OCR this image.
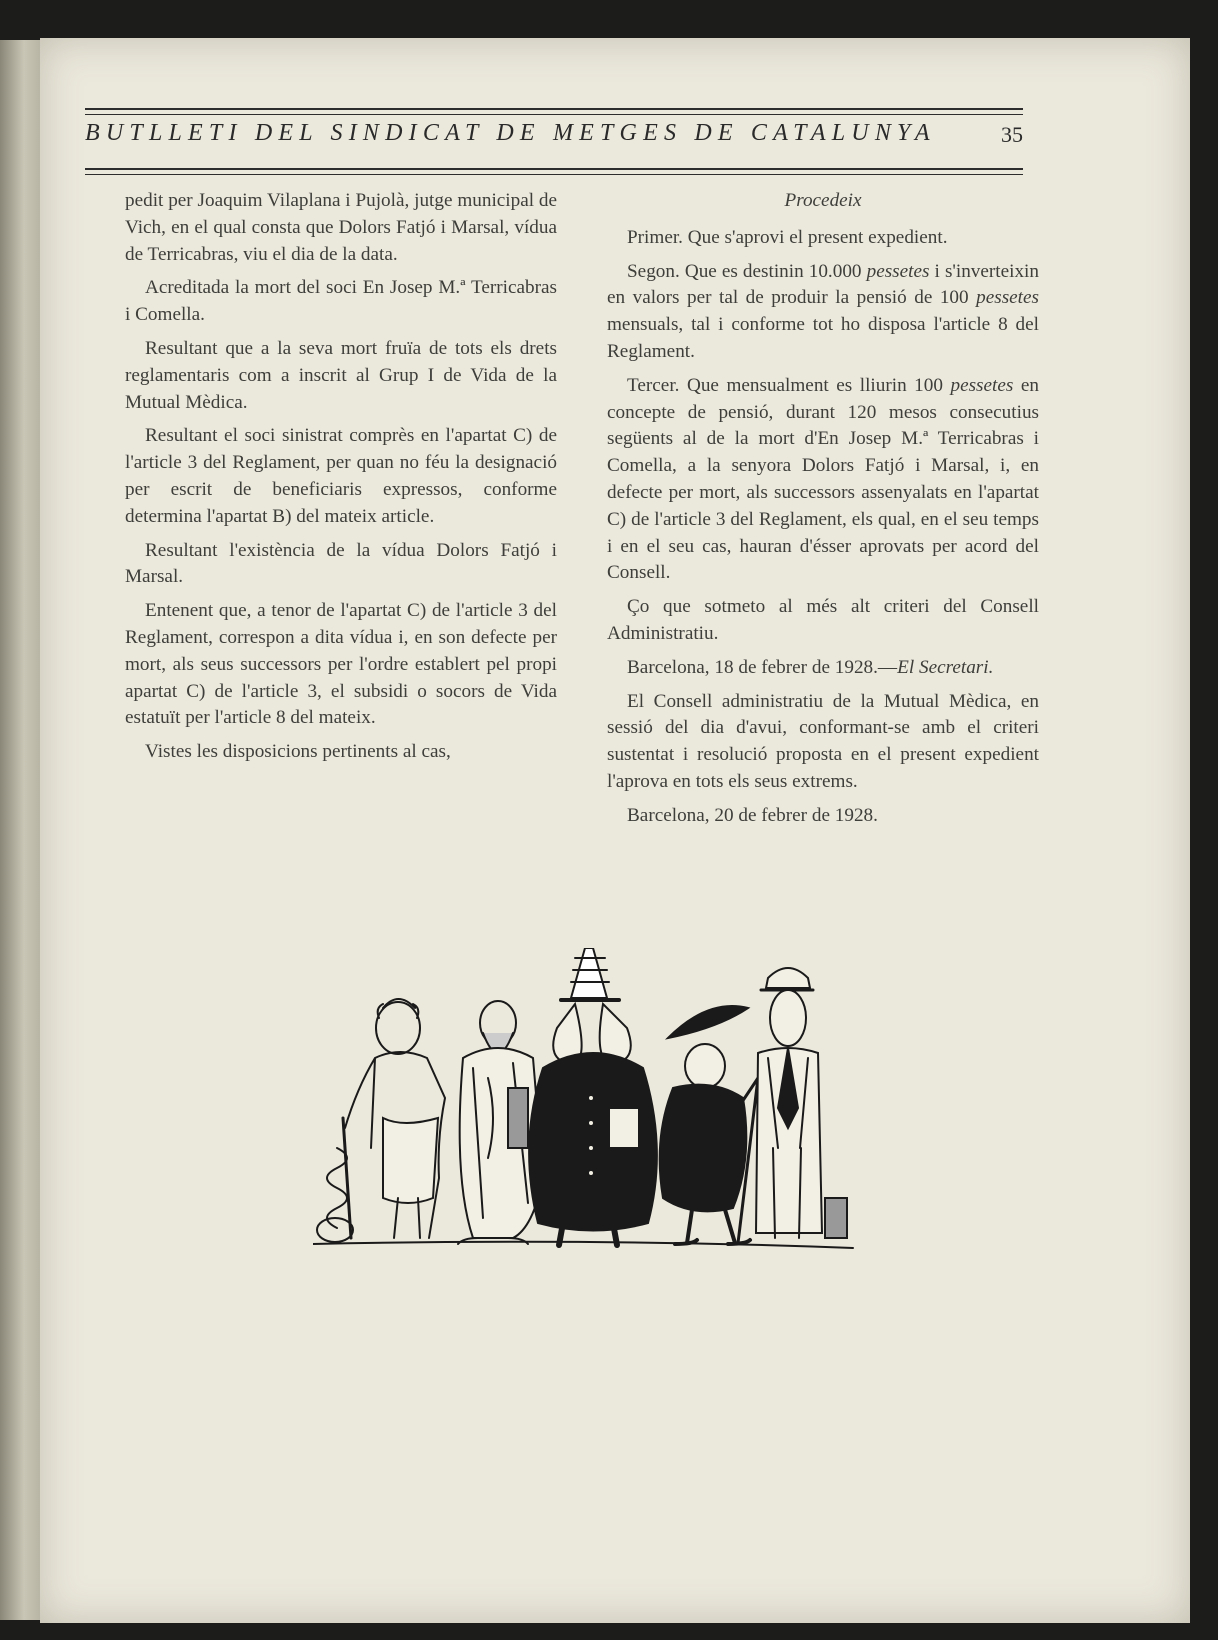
BUTLLETI DEL SINDICAT DE METGES DE CATALUNYA	35

pedit per Joaquim Vilaplana i Pujolà, jutge municipal de Vich, en el qual consta que Dolors Fatjó i Marsal, vídua de Terricabras, viu el dia de la data.

Acreditada la mort del soci En Josep M.ª Terricabras i Comella.

Resultant que a la seva mort fruïa de tots els drets reglamentaris com a inscrit al Grup I de Vida de la Mutual Mèdica.

Resultant el soci sinistrat comprès en l'apartat C) de l'article 3 del Reglament, per quan no féu la designació per escrit de beneficiaris expressos, conforme determina l'apartat B) del mateix article.

Resultant l'existència de la vídua Dolors Fatjó i Marsal.

Entenent que, a tenor de l'apartat C) de l'article 3 del Reglament, correspon a dita vídua i, en son defecte per mort, als seus successors per l'ordre establert pel propi apartat C) de l'article 3, el subsidi o socors de Vida estatuït per l'article 8 del mateix.

Vistes les disposicions pertinents al cas,

Procedeix

Primer. Que s'aprovi el present expedient.

Segon. Que es destinin 10.000 pessetes i s'inverteixin en valors per tal de produir la pensió de 100 pessetes mensuals, tal i conforme tot ho disposa l'article 8 del Reglament.

Tercer. Que mensualment es lliurin 100 pessetes en concepte de pensió, durant 120 mesos consecutius següents al de la mort d'En Josep M.ª Terricabras i Comella, a la senyora Dolors Fatjó i Marsal, i, en defecte per mort, als successors assenyalats en l'apartat C) de l'article 3 del Reglament, els qual, en el seu temps i en el seu cas, hauran d'ésser aprovats per acord del Consell.

Ço que sotmeto al més alt criteri del Consell Administratiu.

Barcelona, 18 de febrer de 1928.—El Secretari.

El Consell administratiu de la Mutual Mèdica, en sessió del dia d'avui, conformant-se amb el criteri sustentat i resolució proposta en el present expedient l'aprova en tots els seus extrems.

Barcelona, 20 de febrer de 1928.
